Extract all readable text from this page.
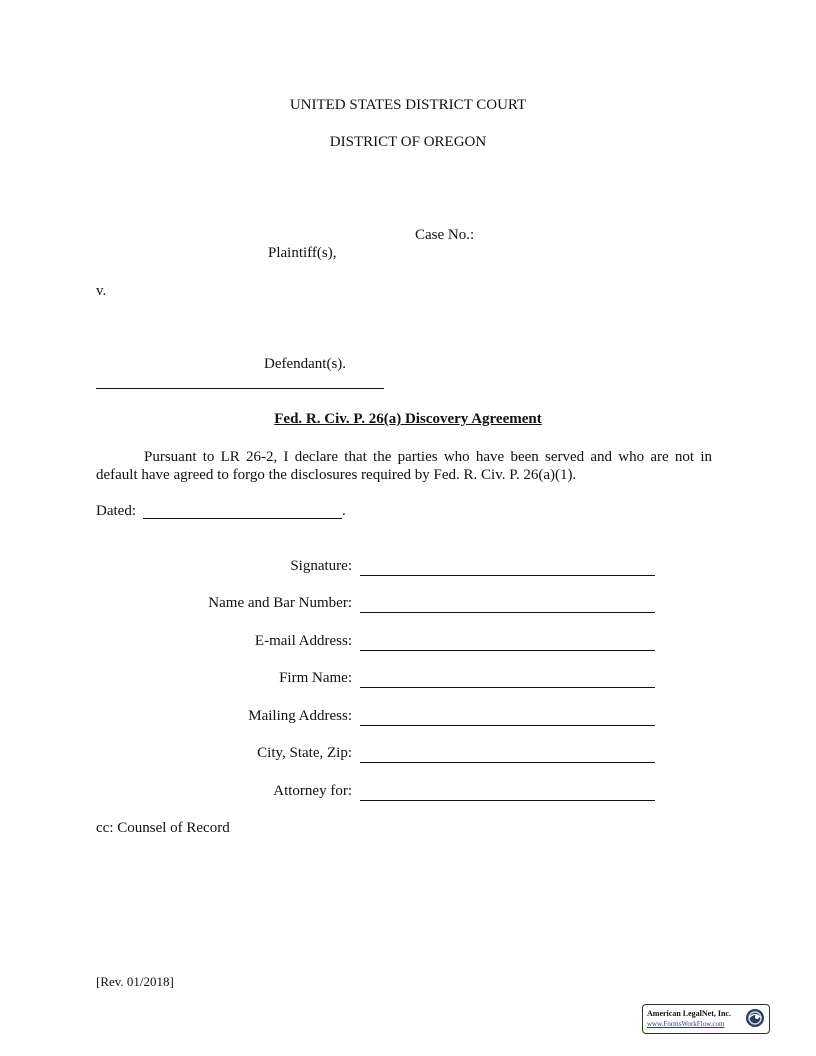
UNITED STATES DISTRICT COURT
DISTRICT OF OREGON
Case No.:
Plaintiff(s),
v.
Defendant(s).
Fed. R. Civ. P. 26(a) Discovery Agreement
Pursuant to LR 26-2, I declare that the parties who have been served and who are not in default have agreed to forgo the disclosures required by Fed. R. Civ. P. 26(a)(1).
Dated:	.
Signature:
Name and Bar Number:
E-mail Address:
Firm Name:
Mailing Address:
City, State, Zip:
Attorney for:
cc: Counsel of Record
[Rev. 01/2018]
American LegalNet, Inc.
www.FormsWorkFlow.com
